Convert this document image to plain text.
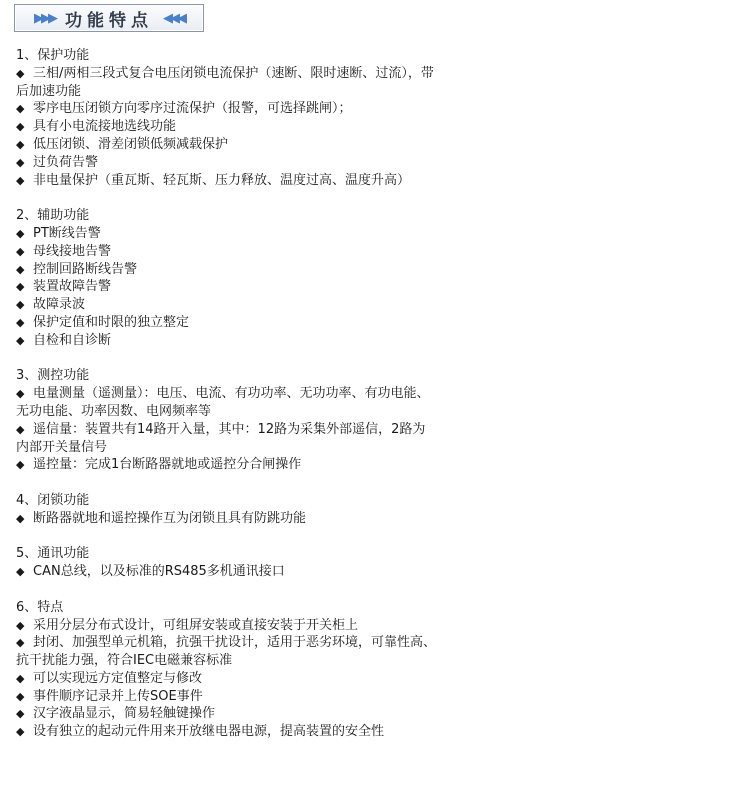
▶▶▶ 功能特点 ◀◀◀
1、保护功能
◆ 三相/两相三段式复合电压闭锁电流保护（速断、限时速断、过流），带后加速功能
◆ 零序电压闭锁方向零序过流保护（报警，可选择跳闸）；
◆ 具有小电流接地选线功能
◆ 低压闭锁、滑差闭锁低频减载保护
◆ 过负荷告警
◆ 非电量保护（重瓦斯、轻瓦斯、压力释放、温度过高、温度升高）
2、辅助功能
◆ PT断线告警
◆ 母线接地告警
◆ 控制回路断线告警
◆ 装置故障告警
◆ 故障录波
◆ 保护定值和时限的独立整定
◆ 自检和自诊断
3、测控功能
◆ 电量测量（遥测量）：电压、电流、有功功率、无功功率、有功电能、无功电能、功率因数、电网频率等
◆ 遥信量：装置共有14路开入量，其中：12路为采集外部遥信，2路为内部开关量信号
◆ 遥控量：完成1台断路器就地或遥控分合闸操作
4、闭锁功能
◆ 断路器就地和遥控操作互为闭锁且具有防跳功能
5、通讯功能
◆ CAN总线，以及标准的RS485多机通讯接口
6、特点
◆ 采用分层分布式设计，可组屏安装或直接安装于开关柜上
◆ 封闭、加强型单元机箱，抗强干扰设计，适用于恶劣环境，可靠性高、抗干扰能力强，符合IEC电磁兼容标准
◆ 可以实现远方定值整定与修改
◆ 事件顺序记录并上传SOE事件
◆ 汉字液晶显示，简易轻触键操作
◆ 设有独立的起动元件用来开放继电器电源，提高装置的安全性
